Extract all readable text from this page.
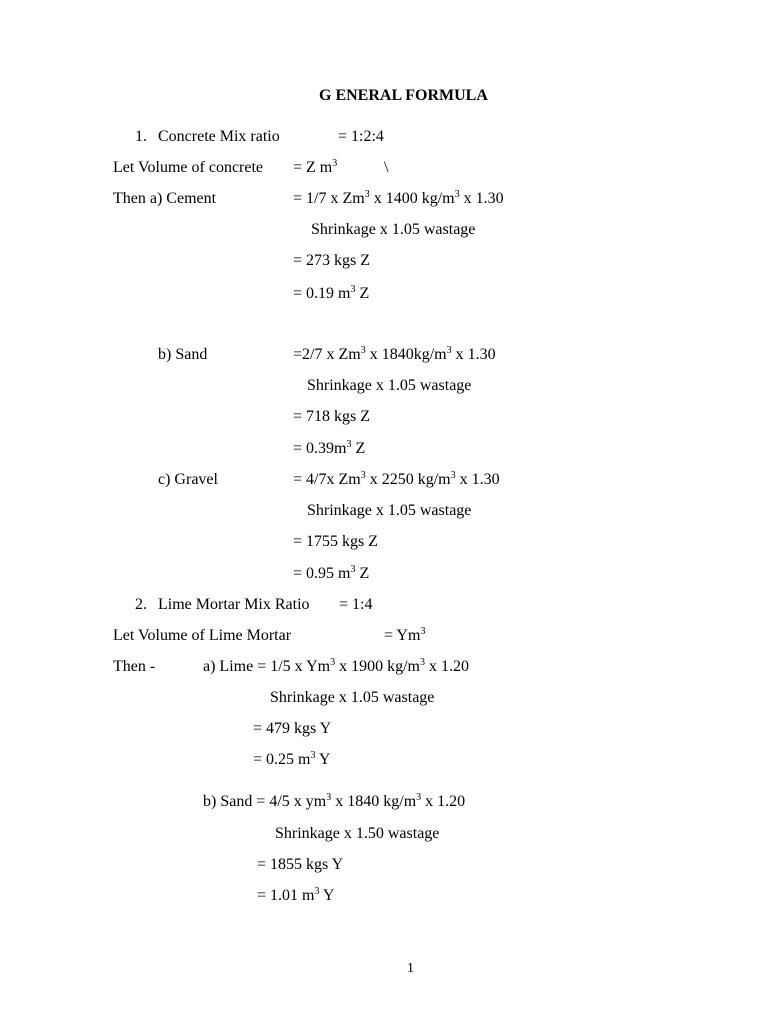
G ENERAL FORMULA
1. Concrete Mix ratio	= 1:2:4
Let Volume of concrete = Z $m^3$	\
Then a) Cement	= 1/7 x Zm$^3$ x 1400 $kg/m^3$ x 1.30
Shrinkage x 1.05 wastage
= 273 kgs Z
= 0.19 $m^3$ Z
b) Sand	=2/7 x Zm$^3$ x $1840kg/m^3$ x 1.30
Shrinkage x 1.05 wastage
= 718 kgs Z
= $0.39m^3$ Z
c) Gravel	= 4/7x Zm$^3$ x 2250 $kg/m^3$ x 1.30
Shrinkage x 1.05 wastage
= 1755 kgs Z
= 0.95 $m^3$ Z
2. Lime Mortar Mix Ratio = 1:4
Let Volume of Lime Mortar	= $Ym^3$
Then -	a) Lime = 1/5 x Ym$^3$ x 1900 $kg/m^3$ x 1.20
Shrinkage x 1.05 wastage
= 479 kgs Y
= 0.25 $m^3$ Y
b) Sand = 4/5 x $ym^3$ x 1840 $kg/m^3$ x 1.20
Shrinkage x 1.50 wastage
= 1855 kgs Y
= 1.01 $m^3$ Y
1
